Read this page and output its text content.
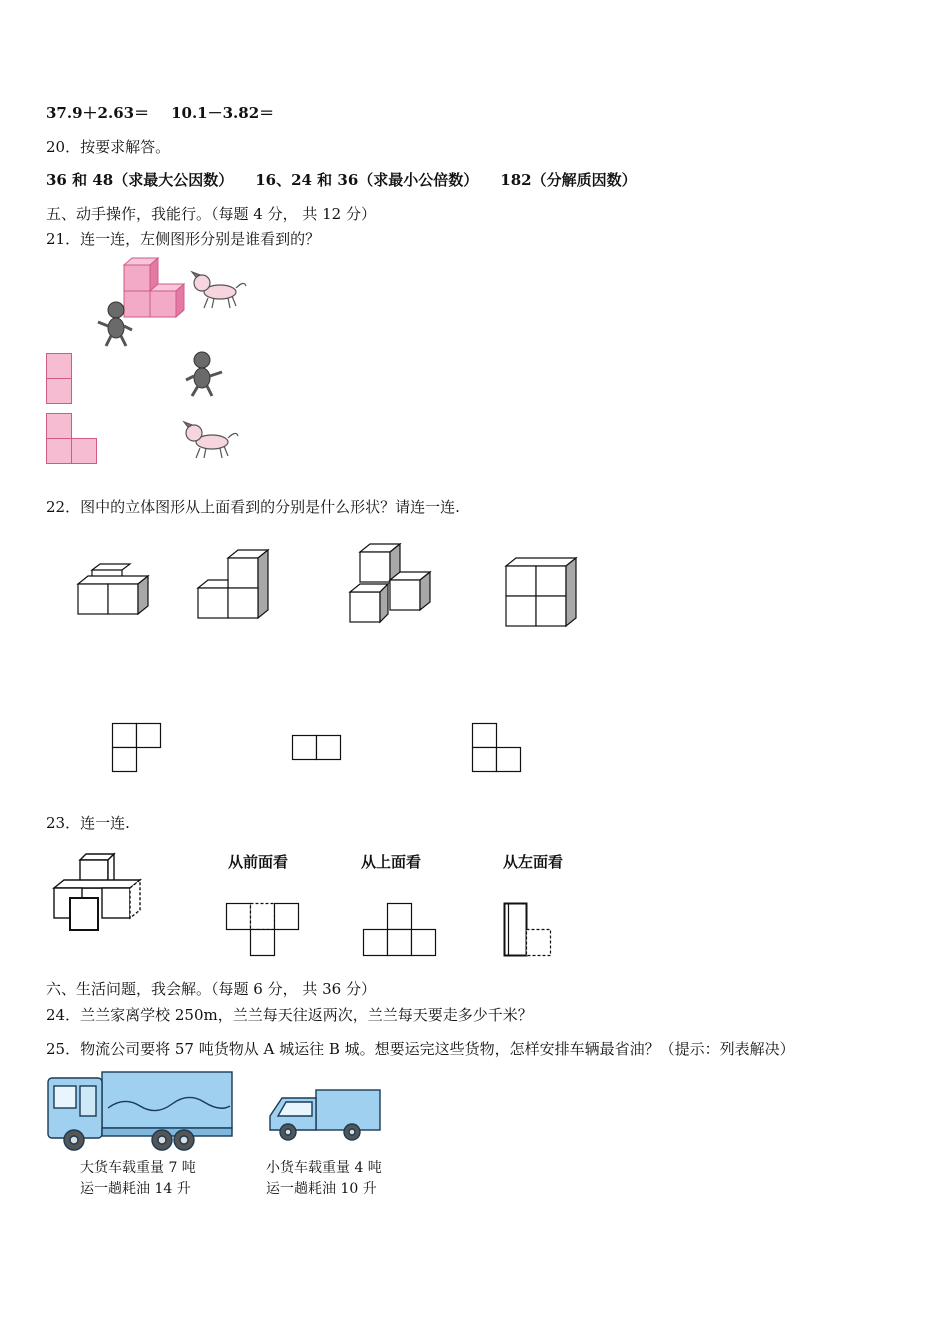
37.9＋2.63＝ 10.1－3.82＝
20．按要求解答。
36 和 48（求最大公因数） 16、24 和 36（求最小公倍数） 182（分解质因数）
五、动手操作，我能行。（每题 4 分， 共 12 分）
21．连一连，左侧图形分别是谁看到的？
22．图中的立体图形从上面看到的分别是什么形状？请连一连.
23．连一连.
从前面看	从上面看	从左面看
六、生活问题，我会解。（每题 6 分， 共 36 分）
24．兰兰家离学校 250m，兰兰每天往返两次，兰兰每天要走多少千米？
25．物流公司要将 57 吨货物从 A 城运往 B 城。想要运完这些货物，怎样安排车辆最省油？（提示：列表解决）
大货车载重量 7 吨
运一趟耗油 14 升
小货车载重量 4 吨
运一趟耗油 10 升
